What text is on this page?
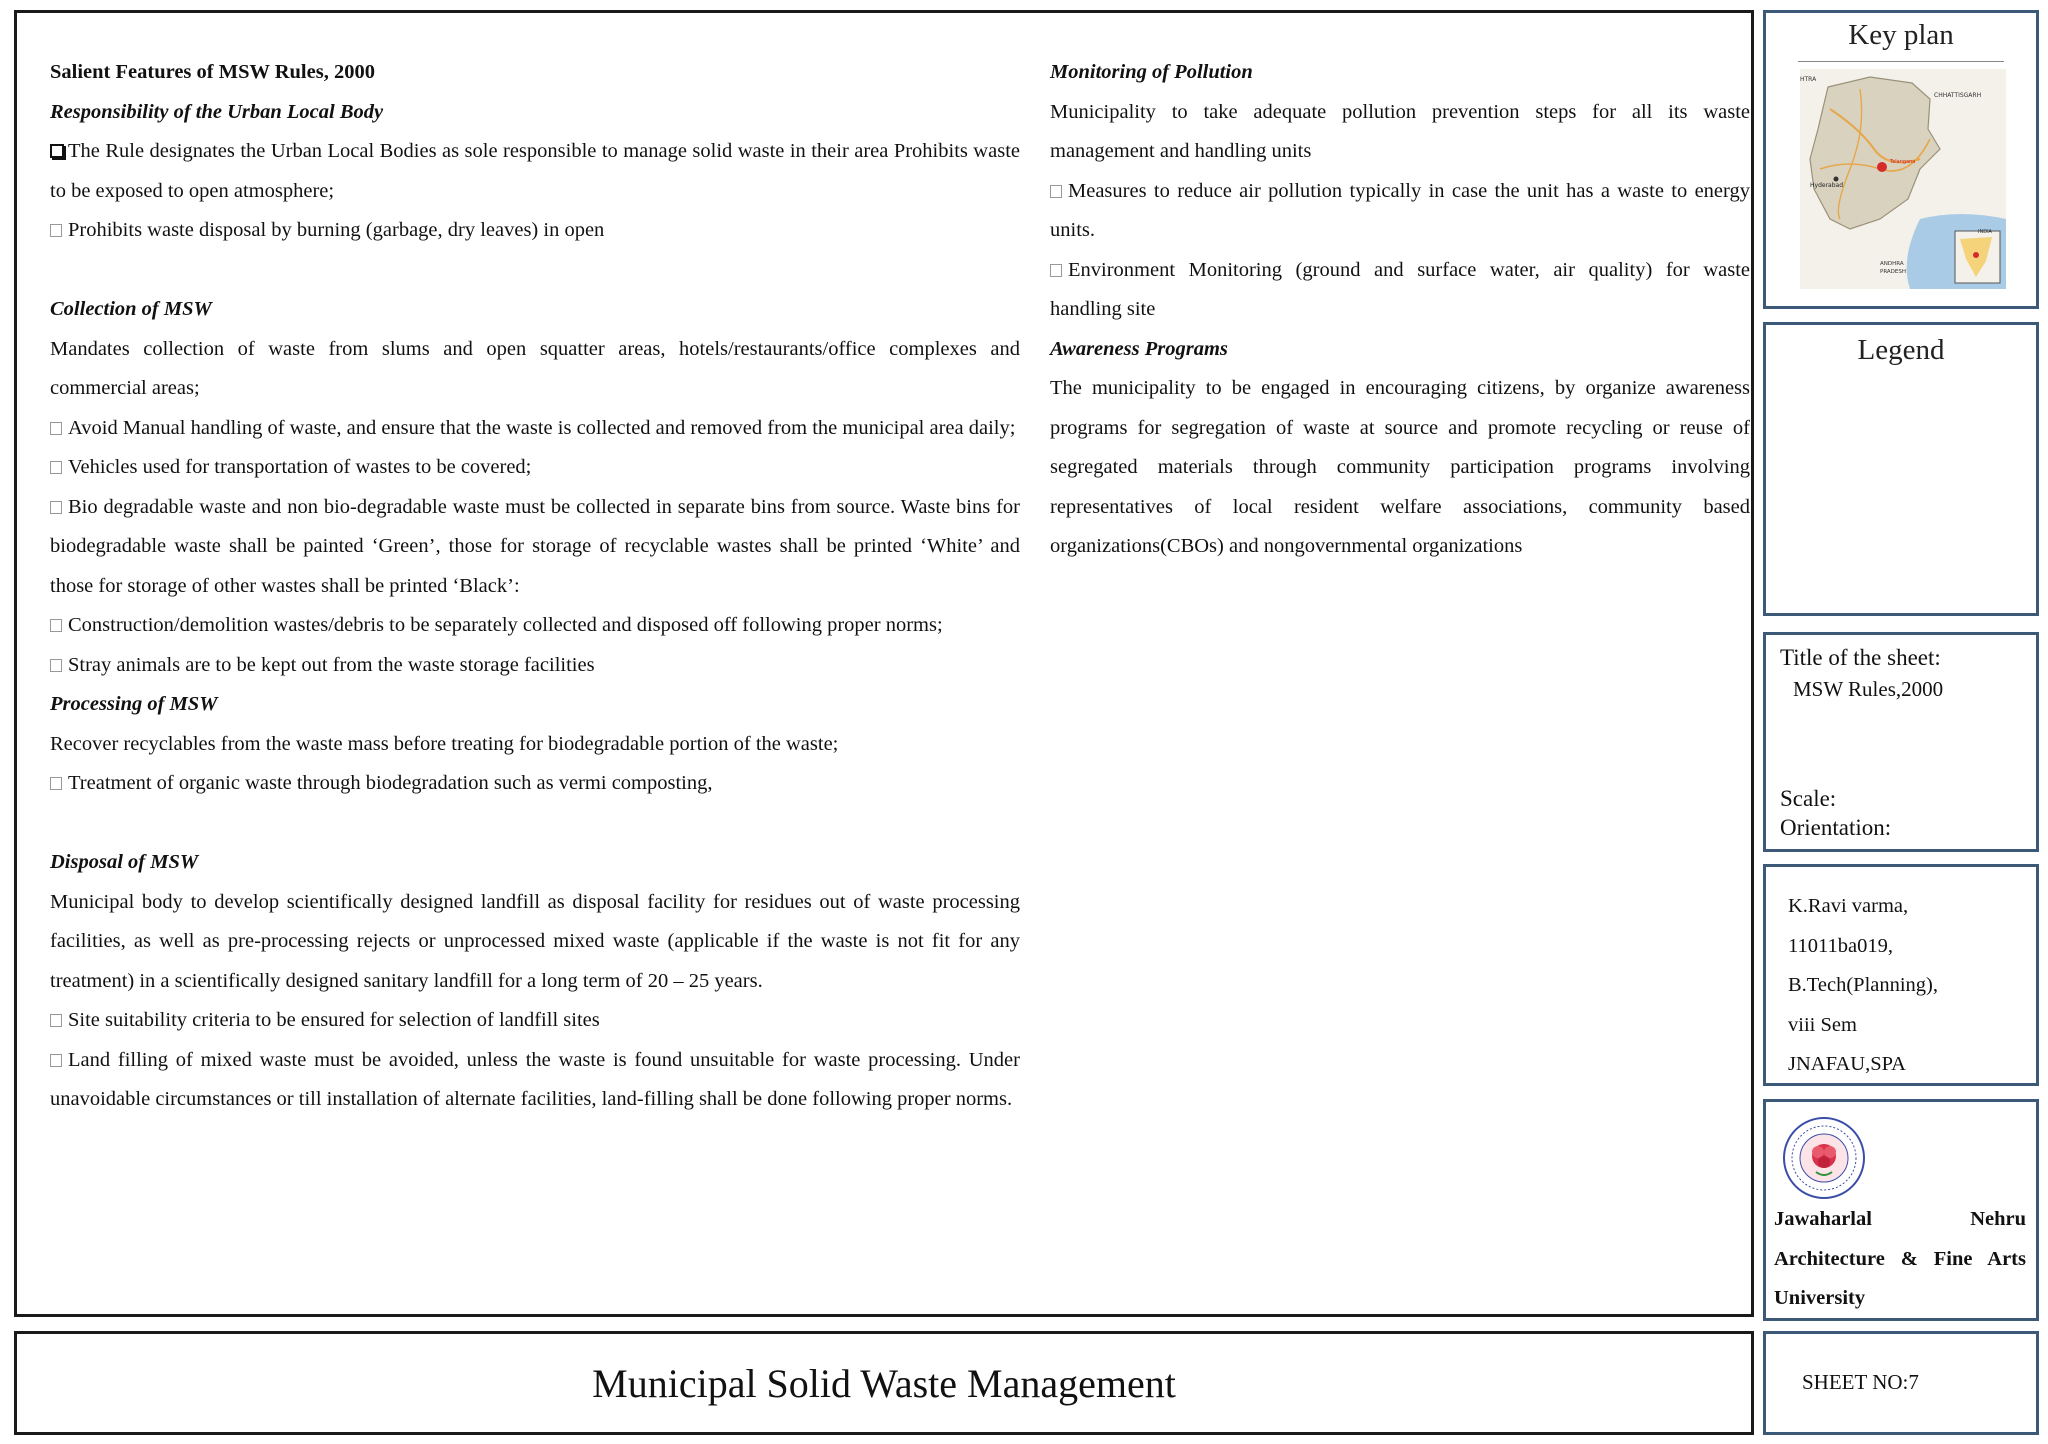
Salient Features of MSW Rules, 2000

Responsibility of the Urban Local Body

The Rule designates the Urban Local Bodies as sole responsible to manage solid waste in their area Prohibits waste to be exposed to open atmosphere;

Prohibits waste disposal by burning (garbage, dry leaves) in open

Collection of MSW

Mandates collection of waste from slums and open squatter areas, hotels/restaurants/office complexes and commercial areas;

Avoid Manual handling of waste, and ensure that the waste is collected and removed from the municipal area daily;

Vehicles used for transportation of wastes to be covered;

Bio degradable waste and non bio-degradable waste must be collected in separate bins from source. Waste bins for biodegradable waste shall be painted ‘Green’, those for storage of recyclable wastes shall be printed ‘White’ and those for storage of other wastes shall be printed ‘Black’:

Construction/demolition wastes/debris to be separately collected and disposed off following proper norms;

Stray animals are to be kept out from the waste storage facilities

Processing of MSW

Recover recyclables from the waste mass before treating for biodegradable portion of the waste;

Treatment of organic waste through biodegradation such as vermi composting,

Disposal of MSW

Municipal body to develop scientifically designed landfill as disposal facility for residues out of waste processing facilities, as well as pre-processing rejects or unprocessed mixed waste (applicable if the waste is not fit for any treatment) in a scientifically designed sanitary landfill for a long term of 20 – 25 years.

Site suitability criteria to be ensured for selection of landfill sites

Land filling of mixed waste must be avoided, unless the waste is found unsuitable for waste processing. Under unavoidable circumstances or till installation of alternate facilities, land-filling shall be done following proper norms.

Monitoring of Pollution

Municipality to take adequate pollution prevention steps for all its waste management and handling units

Measures to reduce air pollution typically in case the unit has a waste to energy units.

Environment Monitoring (ground and surface water, air quality) for waste handling site

Awareness Programs

The municipality to be engaged in encouraging citizens, by organize awareness programs for segregation of waste at source and promote recycling or reuse of segregated materials through community participation programs involving representatives of local resident welfare associations, community based organizations(CBOs) and nongovernmental organizations

Key plan
HTRA
CHHATTISGARH
Telangana
Hyderabad
ANDHRA
PRADESH
INDIA
Legend
Title of the sheet:
MSW Rules,2000
Scale:
Orientation:
K.Ravi varma,
11011ba019,
B.Tech(Planning),
viii Sem
JNAFAU,SPA
Jawaharlal Nehru Architecture & Fine Arts University
Municipal Solid Waste Management	SHEET NO:7
